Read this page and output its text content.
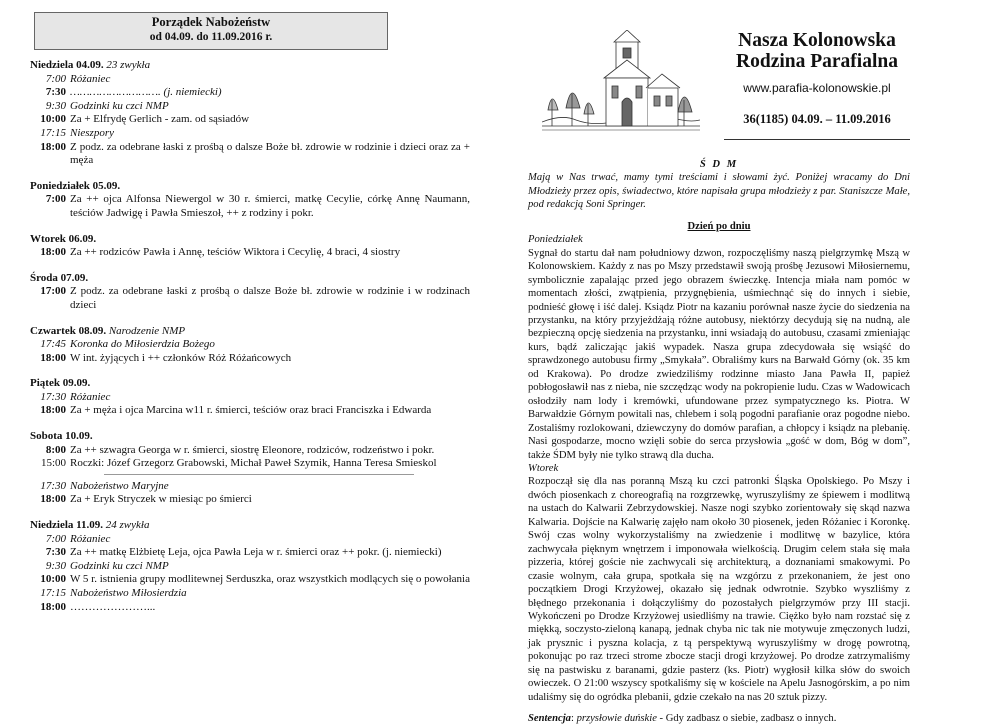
Porządek Nabożeństw
od 04.09. do 11.09.2016 r.
Niedziela 04.09. 23 zwykła
7:00 Różaniec
7:30 ………………………. (j. niemiecki)
9:30 Godzinki ku czci NMP
10:00 Za + Elfrydę Gerlich - zam. od sąsiadów
17:15 Nieszpory
18:00 Z podz. za odebrane łaski z prośbą o dalsze Boże bł. zdrowie w rodzinie i dzieci oraz za + męża
Poniedziałek 05.09.
7:00 Za ++ ojca Alfonsa Niewergol w 30 r. śmierci, matkę Cecylie, córkę Annę Naumann, teściów Jadwigę i Pawła Smieszoł, ++ z rodziny i pokr.
Wtorek 06.09.
18:00 Za ++ rodziców Pawła i Annę, teściów Wiktora i Cecylię, 4 braci, 4 siostry
Środa 07.09.
17:00 Z podz. za odebrane łaski z prośbą o dalsze Boże bł. zdrowie w rodzinie i w rodzinach dzieci
Czwartek 08.09. Narodzenie NMP
17:45 Koronka do Miłosierdzia Bożego
18:00 W int. żyjących i ++ członków Róż Różańcowych
Piątek 09.09.
17:30 Różaniec
18:00 Za + męża i ojca Marcina w11 r. śmierci, teściów oraz braci Franciszka i Edwarda
Sobota 10.09.
8:00 Za ++ szwagra Georga w r. śmierci, siostrę Eleonore, rodziców, rodzeństwo i pokr.
15:00 Roczki: Józef Grzegorz Grabowski, Michał Paweł Szymik, Hanna Teresa Smieskol
17:30 Nabożeństwo Maryjne
18:00 Za + Eryk Stryczek w miesiąc po śmierci
Niedziela 11.09. 24 zwykła
7:00 Różaniec
7:30 Za ++ matkę Elżbietę Leja, ojca Pawła Leja w r. śmierci oraz ++ pokr. (j. niemiecki)
9:30 Godzinki ku czci NMP
10:00 W 5 r. istnienia grupy modlitewnej Serduszka, oraz wszystkich modlących się o powołania
17:15 Nabożeństwo Miłosierdzia
18:00 …………………...
Nasza Kolonowska
Rodzina Parafialna
www.parafia-kolonowskie.pl
36(1185) 04.09. – 11.09.2016
Ś D M
Mają w Nas trwać, mamy tymi treściami i słowami żyć. Poniżej wracamy do Dni Młodzieży przez opis, świadectwo, które napisała grupa młodzieży z par. Staniszcze Małe, pod redakcją Soni Springer.
Dzień po dniu
Poniedziałek
Sygnał do startu dał nam południowy dzwon, rozpoczęliśmy naszą pielgrzymkę Mszą w Kolonowskiem. Każdy z nas po Mszy przedstawił swoją prośbę Jezusowi Miłosiernemu, symbolicznie zapalając przed jego obrazem świeczkę. Intencja miała nam pomóc w momentach złości, zwątpienia, przygnębienia, uśmiechnąć się do innych i siebie, podnieść głowę i iść dalej. Ksiądz Piotr na kazaniu porównał nasze życie do siedzenia na przystanku, na który przyjeżdżają różne autobusy, niektórzy decydują się na nudną, ale bezpieczną opcję siedzenia na przystanku, inni wsiadają do autobusu, czasami zmieniając kurs, bądź zaliczając jakiś wypadek. Nasza grupa zdecydowała się wsiąść do sprawdzonego autobusu firmy „Smykała”. Obraliśmy kurs na Barwałd Górny (ok. 35 km od Krakowa). Po drodze zwiedziliśmy rodzinne miasto Jana Pawła II, papież pobłogosławił nas z nieba, nie szczędząc wody na pokropienie ludu. Czas w Wadowicach osłodziły nam lody i kremówki, ufundowane przez sympatycznego ks. Piotra. W Barwałdzie Górnym powitali nas, chlebem i solą pogodni parafianie oraz pogodne niebo. Zostaliśmy rozlokowani, dziewczyny do domów parafian, a chłopcy i ksiądz na plebanię. Nasi gospodarze, mocno wzięli sobie do serca przysłowia „gość w dom, Bóg w dom”, także ŚDM były nie tylko strawą dla ducha.
Wtorek
Rozpoczął się dla nas poranną Mszą ku czci patronki Śląska Opolskiego. Po Mszy i dwóch piosenkach z choreografią na rozgrzewkę, wyruszyliśmy ze śpiewem i modlitwą na ustach do Kalwarii Zebrzydowskiej. Nasze nogi szybko zorientowały się skąd nazwa Kalwaria. Dojście na Kalwarię zajęło nam około 30 piosenek, jeden Różaniec i Koronkę. Swój czas wolny wykorzystaliśmy na zwiedzenie i modlitwę w bazylice, która zachwycała pięknym wnętrzem i imponowała wielkością. Drugim celem stała się mała pizzeria, której goście nie zachwycali się architekturą, a doznaniami smakowymi. Po czasie wolnym, cała grupa, spotkała się na wzgórzu z przekonaniem, że jest ono początkiem Drogi Krzyżowej, okazało się jednak odwrotnie. Szybko wyszliśmy z błędnego przekonania i dołączyliśmy do pozostałych pielgrzymów przy III stacji. Wykończeni po Drodze Krzyżowej usiedliśmy na trawie. Ciężko było nam rozstać się z miękką, soczysto-zieloną kanapą, jednak chyba nic tak nie motywuje zmęczonych ludzi, jak prysznic i pyszna kolacja, z tą perspektywą wyruszyliśmy w drogę powrotną, pokonując po raz trzeci strome zbocze stacji drogi krzyżowej. Po drodze zatrzymaliśmy się na pastwisku z baranami, gdzie pasterz (ks. Piotr) wygłosił kilka słów do swoich owieczek. O 21:00 wszyscy spotkaliśmy się w kościele na Apelu Jasnogórskim, a po nim udaliśmy się do ogródka plebanii, gdzie czekało na nas 20 sztuk pizzy.
Sentencja: przysłowie duńskie - Gdy zadbasz o siebie, zadbasz o innych.
